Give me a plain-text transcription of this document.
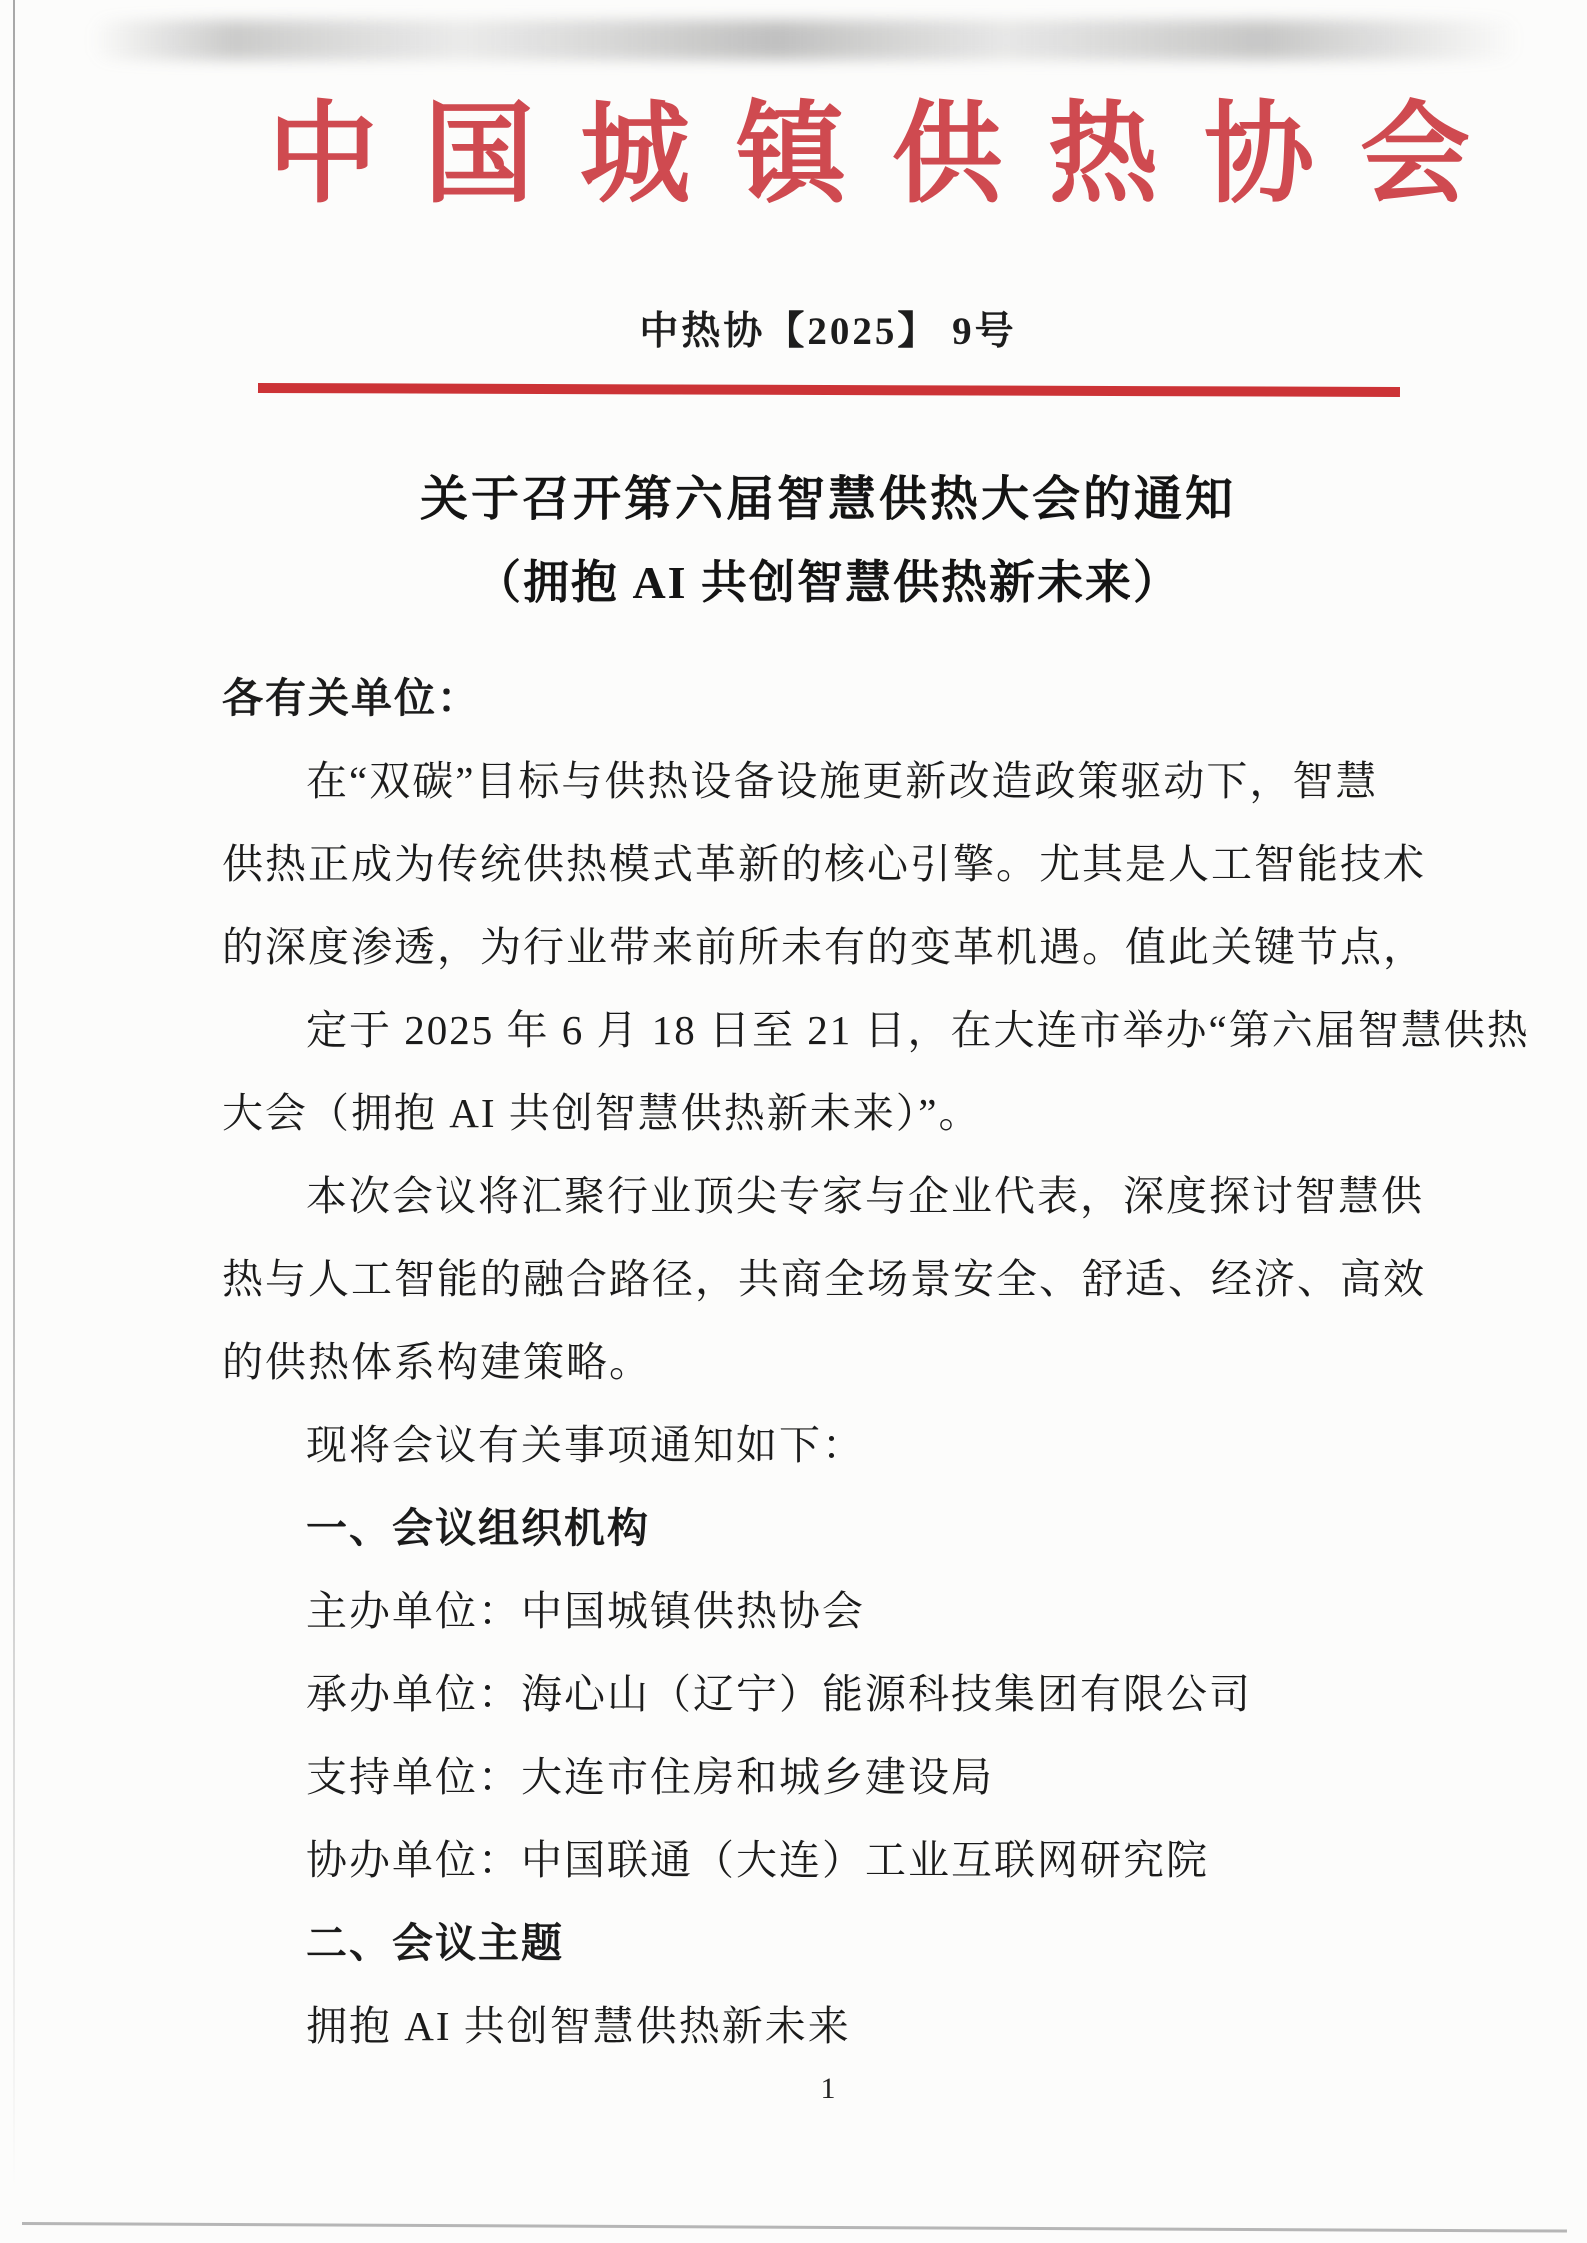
中国城镇供热协会
中热协【2025】 9号
关于召开第六届智慧供热大会的通知
（拥抱 AI 共创智慧供热新未来）
各有关单位：
在“双碳”目标与供热设备设施更新改造政策驱动下，智慧
供热正成为传统供热模式革新的核心引擎。尤其是人工智能技术
的深度渗透，为行业带来前所未有的变革机遇。值此关键节点，
定于 2025 年 6 月 18 日至 21 日，在大连市举办“第六届智慧供热
大会（拥抱 AI 共创智慧供热新未来）”。
本次会议将汇聚行业顶尖专家与企业代表，深度探讨智慧供
热与人工智能的融合路径，共商全场景安全、舒适、经济、高效
的供热体系构建策略。
现将会议有关事项通知如下：
一、会议组织机构
主办单位：中国城镇供热协会
承办单位：海心山（辽宁）能源科技集团有限公司
支持单位：大连市住房和城乡建设局
协办单位：中国联通（大连）工业互联网研究院
二、会议主题
拥抱 AI 共创智慧供热新未来
1
